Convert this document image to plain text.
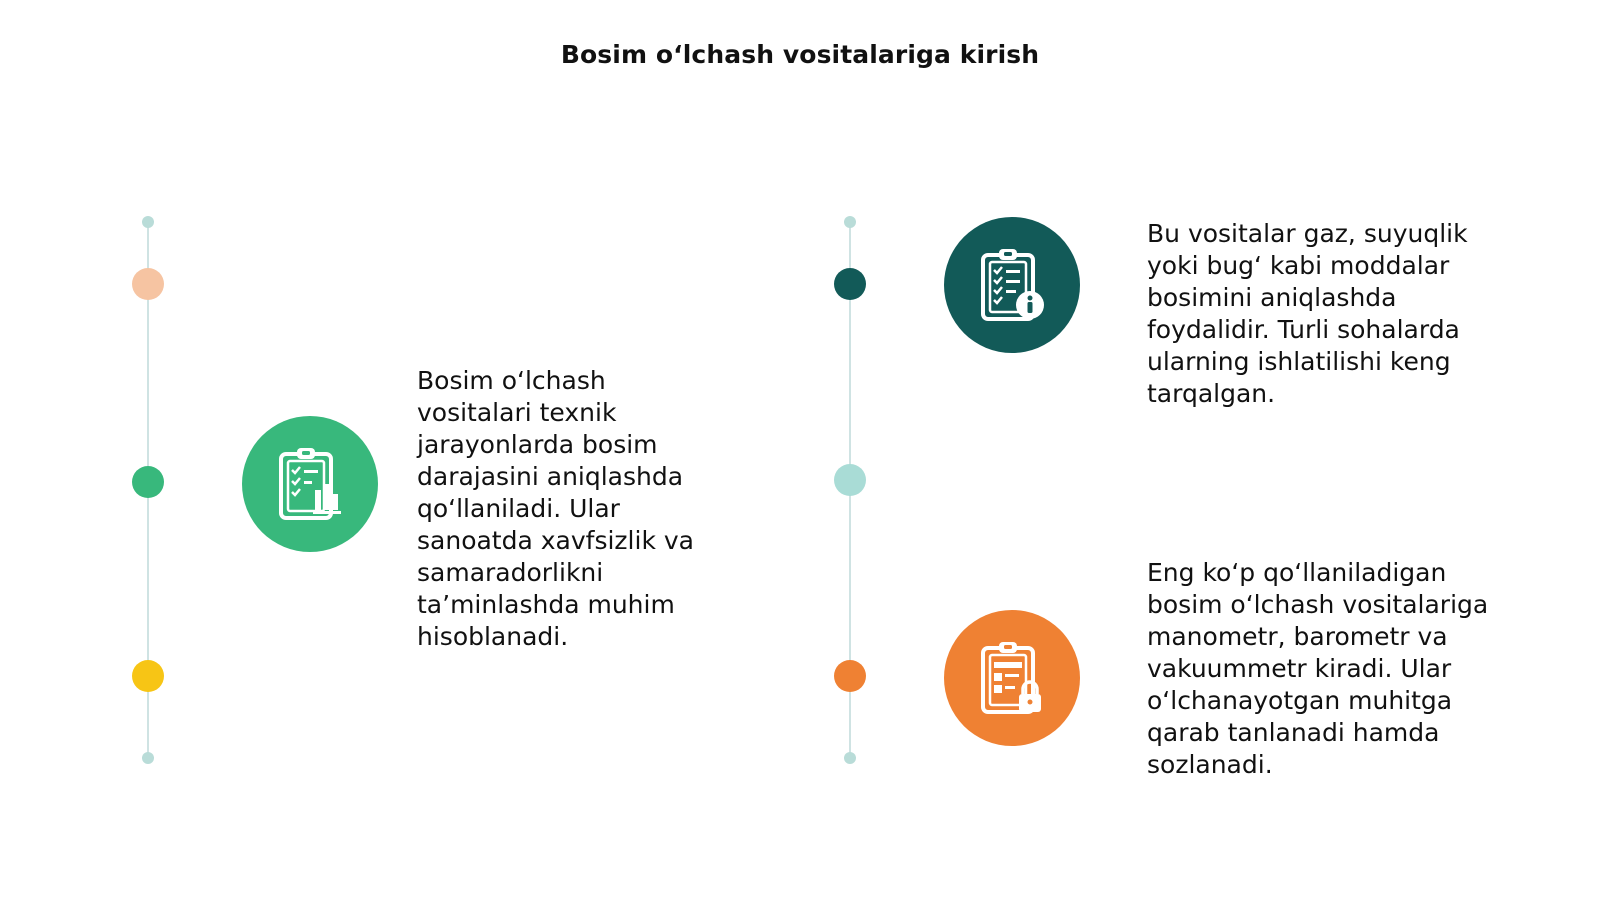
Bosim o‘lchash vositalariga kirish

Bosim o‘lchash vositalari texnik jarayonlarda bosim darajasini aniqlashda qo‘llaniladi. Ular sanoatda xavfsizlik va samaradorlikni ta’minlashda muhim hisoblanadi.

Bu vositalar gaz, suyuqlik yoki bug‘ kabi moddalar bosimini aniqlashda foydalidir. Turli sohalarda ularning ishlatilishi keng tarqalgan.

Eng ko‘p qo‘llaniladigan bosim o‘lchash vositalariga manometr, barometr va vakuummetr kiradi. Ular o‘lchanayotgan muhitga qarab tanlanadi hamda sozlanadi.
